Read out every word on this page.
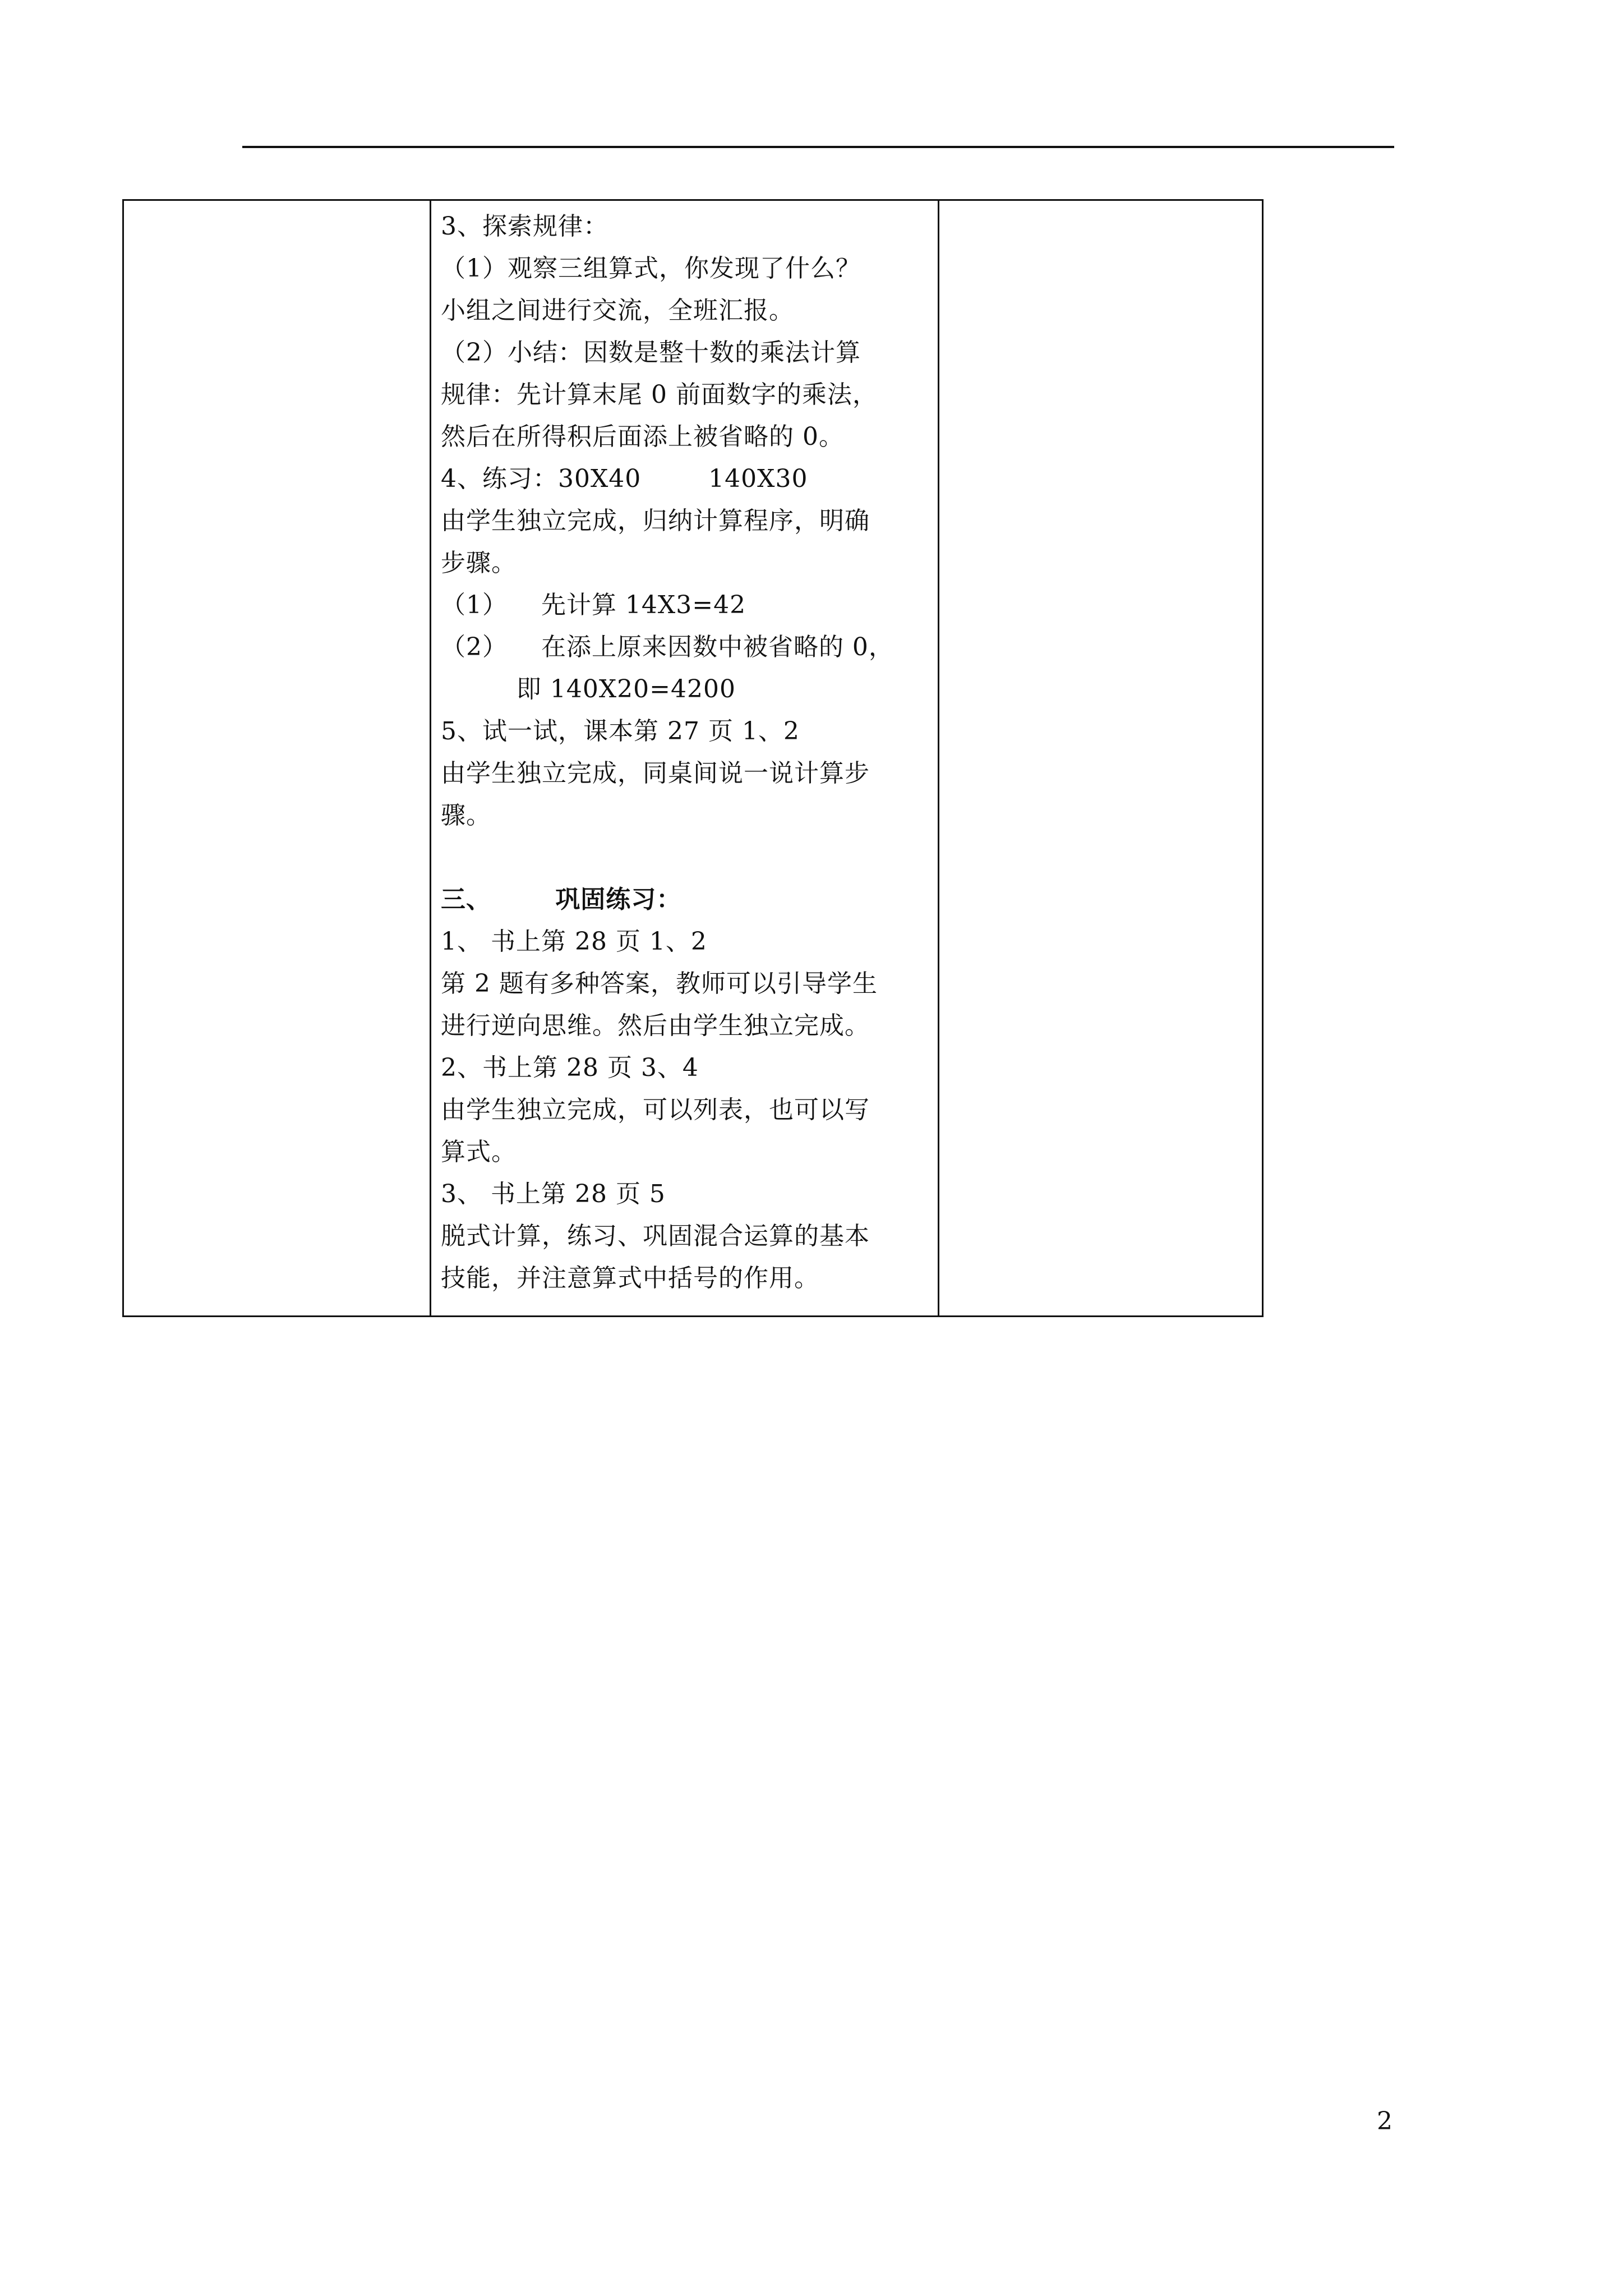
3、探索规律：
（1）观察三组算式，你发现了什么？
小组之间进行交流，全班汇报。
（2）小结：因数是整十数的乘法计算
规律：先计算末尾 0 前面数字的乘法，
然后在所得积后面添上被省略的 0。
4、练习：30X40        140X30
由学生独立完成，归纳计算程序，明确
步骤。
（1）    先计算 14X3=42
（2）    在添上原来因数中被省略的 0，
即 140X20=4200
5、试一试，课本第 27 页 1、2
由学生独立完成，同桌间说一说计算步
骤。
三、       巩固练习：
1、 书上第 28 页 1、2
第 2 题有多种答案，教师可以引导学生
进行逆向思维。然后由学生独立完成。
2、书上第 28 页 3、4
由学生独立完成，可以列表，也可以写
算式。
3、 书上第 28 页 5
脱式计算，练习、巩固混合运算的基本
技能，并注意算式中括号的作用。
2
